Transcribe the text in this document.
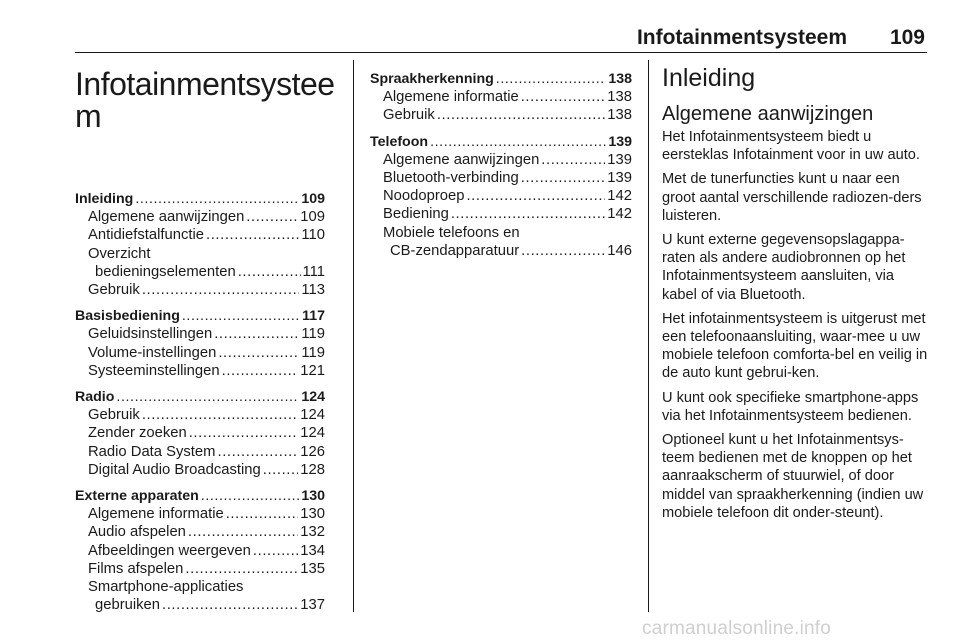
Infotainmentsysteem 109
Infotainmentsystee
m
Inleiding .....	109
Algemene aanwijzingen .....	109
Antidiefstalfunctie .....	110
Overzicht
bedieningselementen .....	111
Gebruik .....	113
Basisbediening .....	117
Geluidsinstellingen .....	119
Volume-instellingen .....	119
Systeeminstellingen .....	121
Radio .....	124
Gebruik .....	124
Zender zoeken .....	124
Radio Data System .....	126
Digital Audio Broadcasting .....	128
Externe apparaten .....	130
Algemene informatie .....	130
Audio afspelen .....	132
Afbeeldingen weergeven .....	134
Films afspelen .....	135
Smartphone-applicaties
gebruiken .....	137
Spraakherkenning .....	138
Algemene informatie .....	138
Gebruik .....	138
Telefoon .....	139
Algemene aanwijzingen .....	139
Bluetooth-verbinding .....	139
Noodoproep .....	142
Bediening .....	142
Mobiele telefoons en
CB-zendapparatuur .....	146
Inleiding
Algemene aanwijzingen

Het Infotainmentsysteem biedt u eersteklas Infotainment voor in uw auto.

Met de tunerfuncties kunt u naar een groot aantal verschillende radiozen-ders luisteren.

U kunt externe gegevensopslagappa-raten als andere audiobronnen op het Infotainmentsysteem aansluiten, via kabel of via Bluetooth.

Het infotainmentsysteem is uitgerust met een telefoonaansluiting, waar-mee u uw mobiele telefoon comforta-bel en veilig in de auto kunt gebrui-ken.

U kunt ook specifieke smartphone-apps via het Infotainmentsysteem bedienen.

Optioneel kunt u het Infotainmentsys-teem bedienen met de knoppen op het aanraakscherm of stuurwiel, of door middel van spraakherkenning (indien uw mobiele telefoon dit onder-steunt).

carmanualsonline.info
